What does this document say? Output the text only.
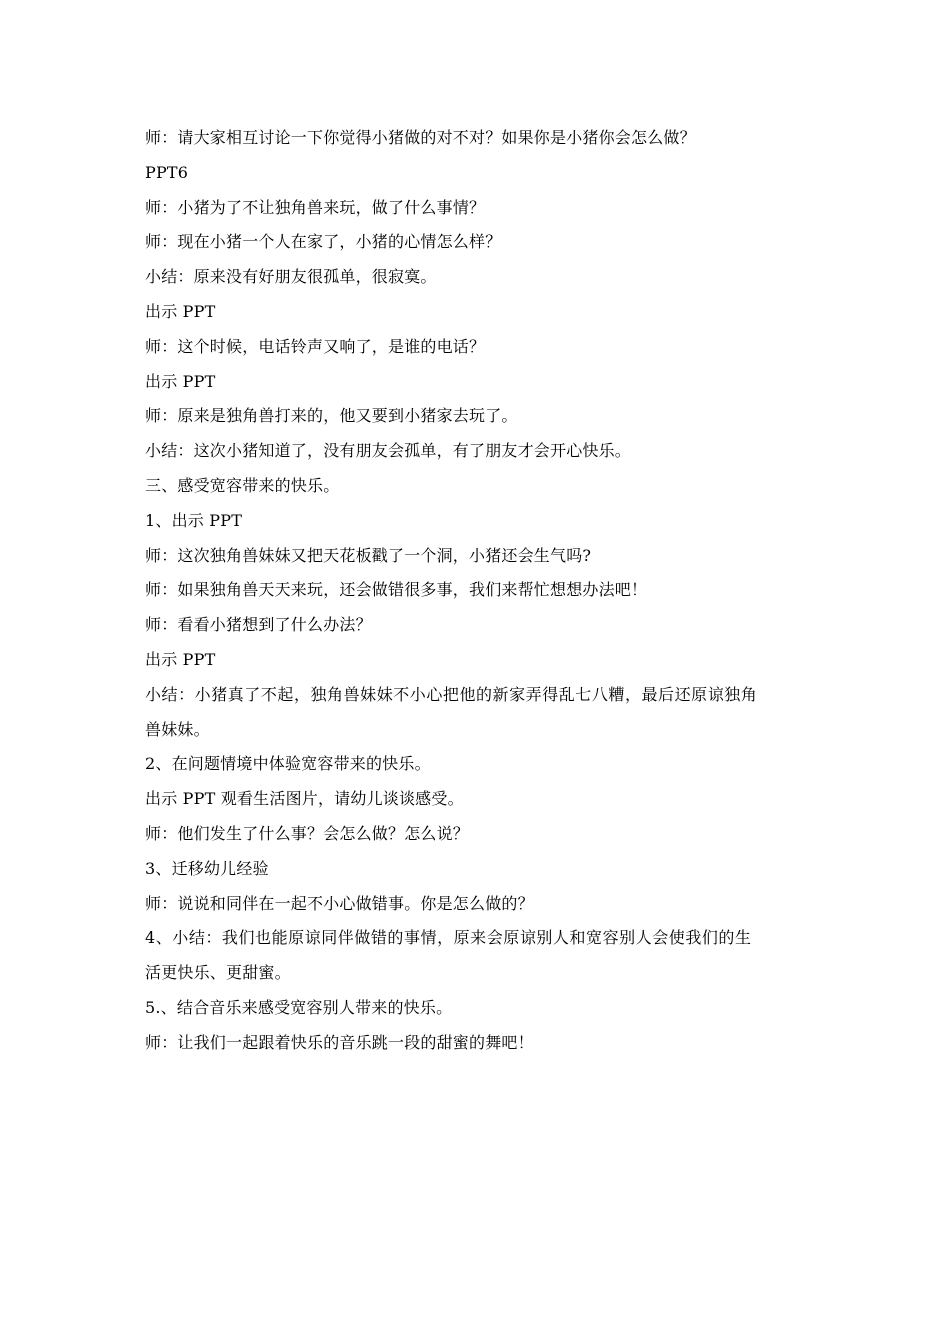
师：请大家相互讨论一下你觉得小猪做的对不对？如果你是小猪你会怎么做？
PPT6
师：小猪为了不让独角兽来玩，做了什么事情？
师：现在小猪一个人在家了，小猪的心情怎么样？
小结：原来没有好朋友很孤单，很寂寞。
出示 PPT
师：这个时候，电话铃声又响了，是谁的电话？
出示 PPT
师：原来是独角兽打来的，他又要到小猪家去玩了。
小结：这次小猪知道了，没有朋友会孤单，有了朋友才会开心快乐。
三、感受宽容带来的快乐。
1、出示 PPT
师：这次独角兽妹妹又把天花板戳了一个洞，小猪还会生气吗?
师：如果独角兽天天来玩，还会做错很多事，我们来帮忙想想办法吧！
师：看看小猪想到了什么办法？
出示 PPT
小结：小猪真了不起，独角兽妹妹不小心把他的新家弄得乱七八糟，最后还原谅独角
兽妹妹。
2、在问题情境中体验宽容带来的快乐。
出示 PPT 观看生活图片，请幼儿谈谈感受。
师：他们发生了什么事？会怎么做？怎么说？
3、迁移幼儿经验
师：说说和同伴在一起不小心做错事。你是怎么做的？
4、小结：我们也能原谅同伴做错的事情，原来会原谅别人和宽容别人会使我们的生
活更快乐、更甜蜜。
5.、结合音乐来感受宽容别人带来的快乐。
师：让我们一起跟着快乐的音乐跳一段的甜蜜的舞吧！
